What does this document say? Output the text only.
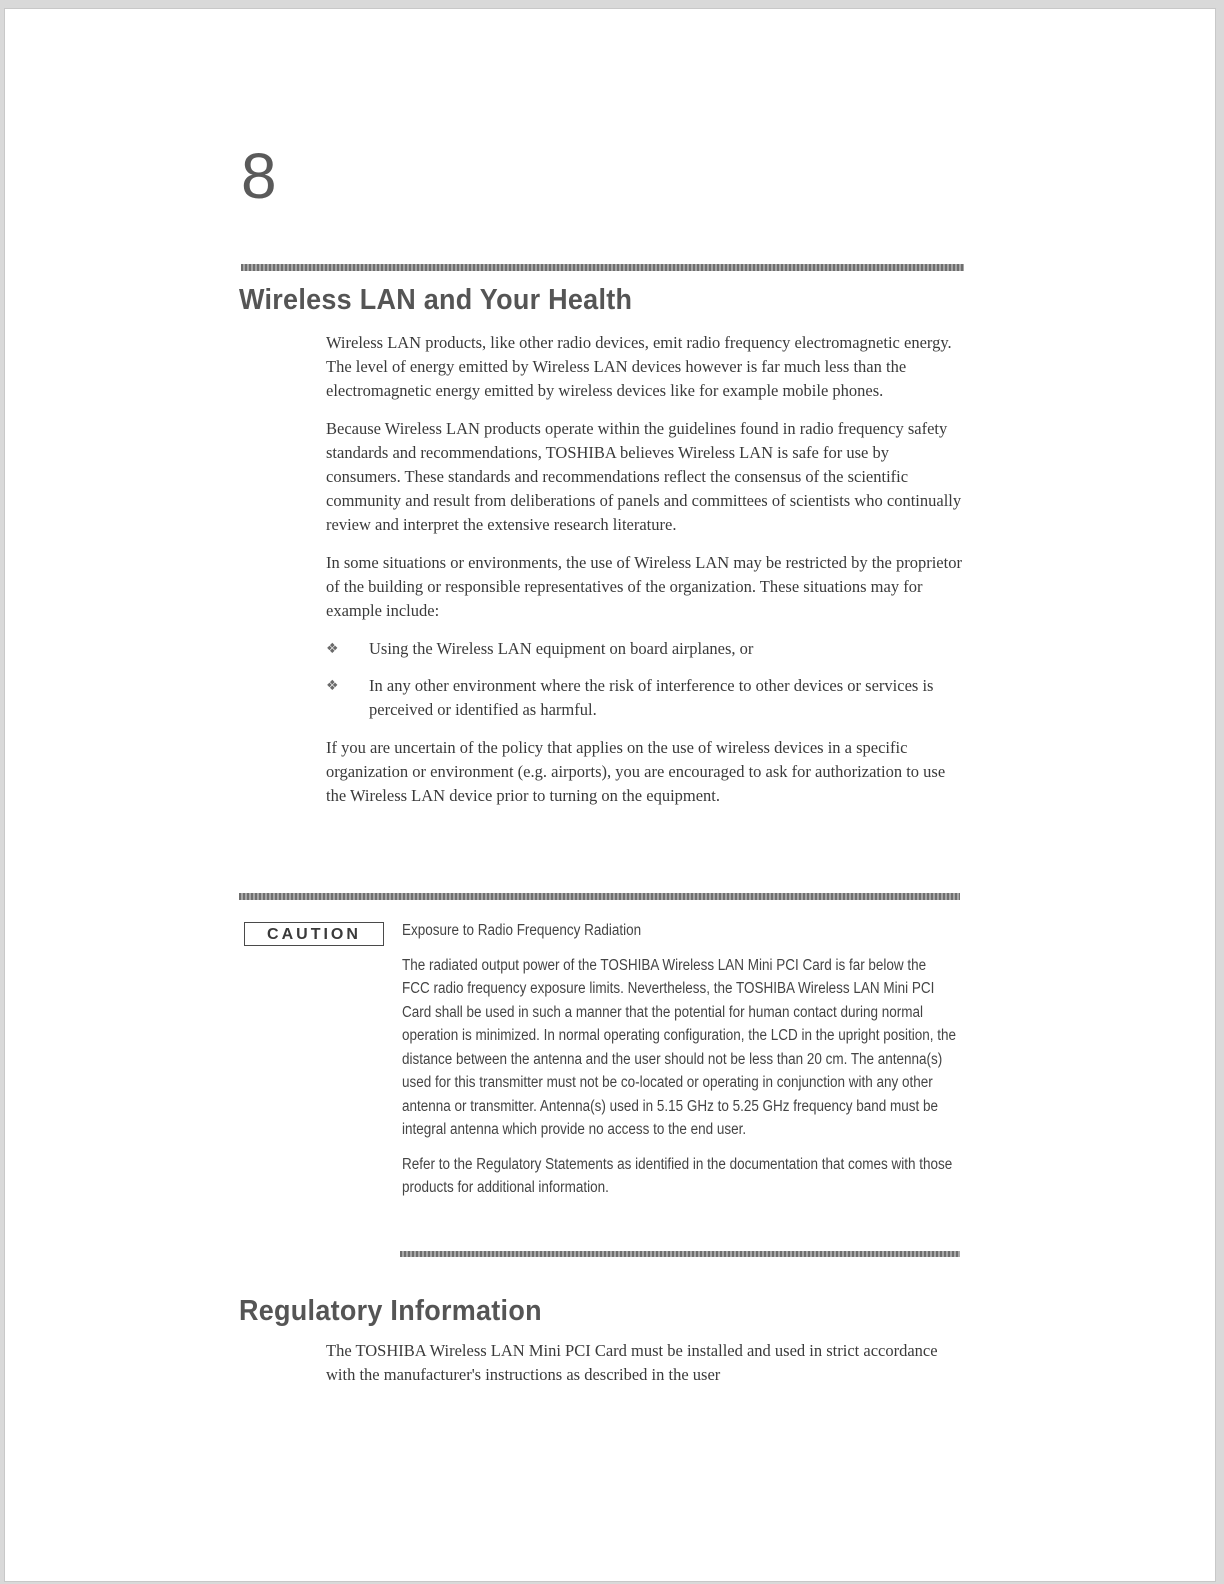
8
Wireless LAN and Your Health

Wireless LAN products, like other radio devices, emit radio frequency electromagnetic energy. The level of energy emitted by Wireless LAN devices however is far much less than the electromagnetic energy emitted by wireless devices like for example mobile phones.

Because Wireless LAN products operate within the guidelines found in radio frequency safety standards and recommendations, TOSHIBA believes Wireless LAN is safe for use by consumers. These standards and recommendations reflect the consensus of the scientific community and result from deliberations of panels and committees of scientists who continually review and interpret the extensive research literature.

In some situations or environments, the use of Wireless LAN may be restricted by the proprietor of the building or responsible representatives of the organization. These situations may for example include:

❖ Using the Wireless LAN equipment on board airplanes, or
❖ In any other environment where the risk of interference to other devices or services is perceived or identified as harmful.

If you are uncertain of the policy that applies on the use of wireless devices in a specific organization or environment (e.g. airports), you are encouraged to ask for authorization to use the Wireless LAN device prior to turning on the equipment.

CAUTION	Exposure to Radio Frequency Radiation

The radiated output power of the TOSHIBA Wireless LAN Mini PCI Card is far below the FCC radio frequency exposure limits. Nevertheless, the TOSHIBA Wireless LAN Mini PCI Card shall be used in such a manner that the potential for human contact during normal operation is minimized. In normal operating configuration, the LCD in the upright position, the distance between the antenna and the user should not be less than 20 cm. The antenna(s) used for this transmitter must not be co-located or operating in conjunction with any other antenna or transmitter. Antenna(s) used in 5.15 GHz to 5.25 GHz frequency band must be integral antenna which provide no access to the end user.

Refer to the Regulatory Statements as identified in the documentation that comes with those products for additional information.

Regulatory Information

The TOSHIBA Wireless LAN Mini PCI Card must be installed and used in strict accordance with the manufacturer's instructions as described in the user
